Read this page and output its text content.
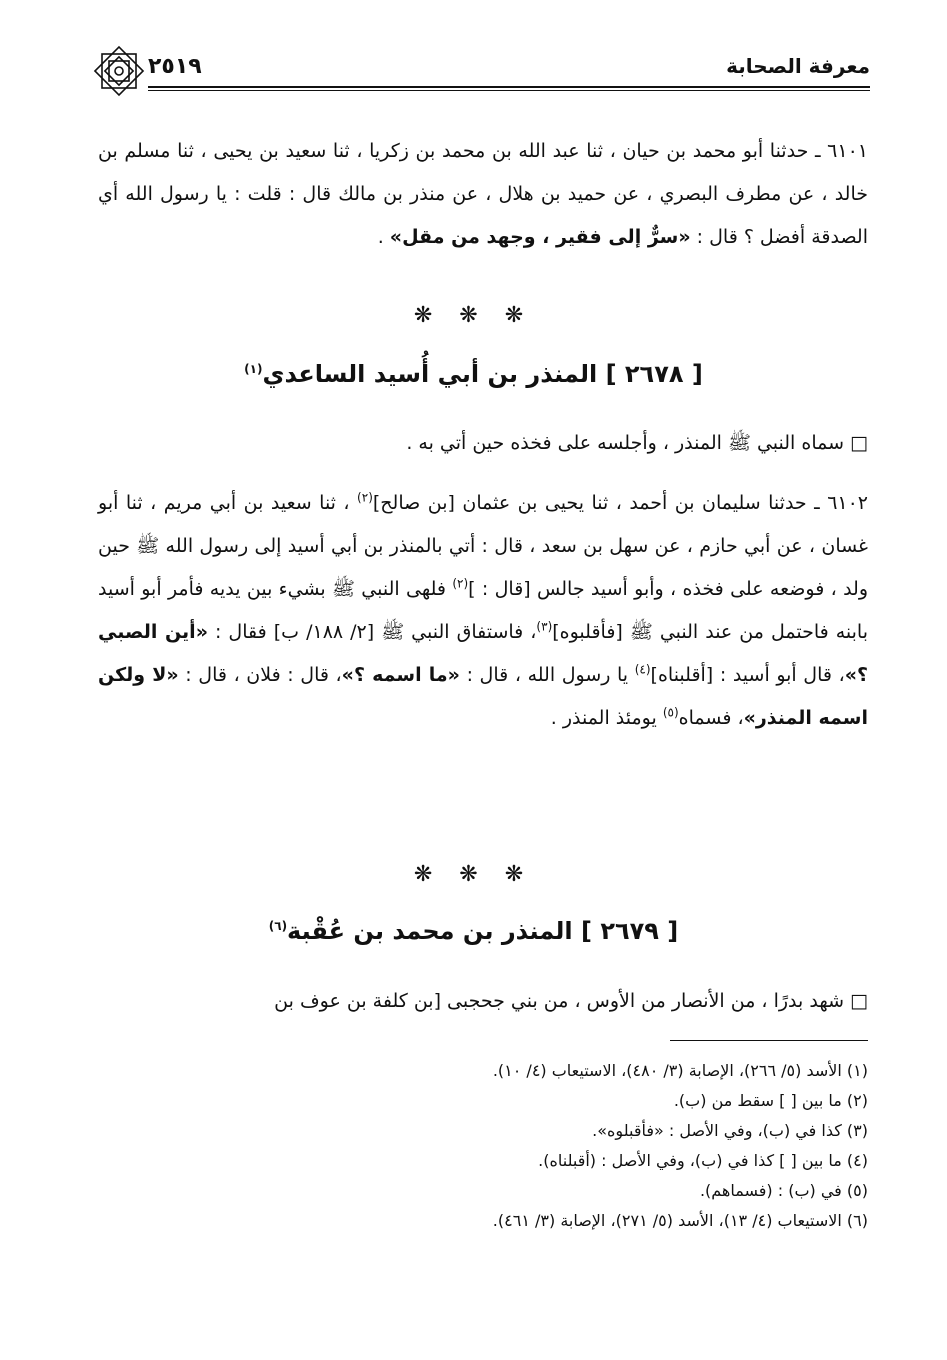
٢٥١٩	معرفة الصحابة
٦١٠١ ـ حدثنا أبو محمد بن حيان ، ثنا عبد الله بن محمد بن زكريا ، ثنا سعيد بن يحيى ، ثنا مسلم بن خالد ، عن مطرف البصري ، عن حميد بن هلال ، عن منذر بن مالك قال : قلت : يا رسول الله أي الصدقة أفضل ؟ قال : «سرٌّ إلى فقير ، وجهد من مقل» .
❋ ❋ ❋
[ ٢٦٧٨ ] المنذر بن أبي أُسيد الساعدي$^{(١)}$
□ سماه النبي ﷺ المنذر ، وأجلسه على فخذه حين أتي به .
٦١٠٢ ـ حدثنا سليمان بن أحمد ، ثنا يحيى بن عثمان [بن صالح]$^{(٢)}$ ، ثنا سعيد بن أبي مريم ، ثنا أبو غسان ، عن أبي حازم ، عن سهل بن سعد ، قال : أتي بالمنذر بن أبي أسيد إلى رسول الله ﷺ حين ولد ، فوضعه على فخذه ، وأبو أسيد جالس [قال : ]$^{(٢)}$ فلهى النبي ﷺ بشيء بين يديه فأمر أبو أسيد بابنه فاحتمل من عند النبي ﷺ [فأقلبوه]$^{(٣)}$، فاستفاق النبي ﷺ [٢/ ١٨٨/ ب] فقال : «أين الصبي ؟»، قال أبو أسيد : [أقلبناه]$^{(٤)}$ يا رسول الله ، قال : «ما اسمه ؟»، قال : فلان ، قال : «لا ولكن اسمه المنذر»، فسماه$^{(٥)}$ يومئذ المنذر .
❋ ❋ ❋
[ ٢٦٧٩ ] المنذر بن محمد بن عُقْبة$^{(٦)}$
□ شهد بدرًا ، من الأنصار من الأوس ، من بني جحجبى [بن كلفة بن عوف بن
(١) الأسد (٥/ ٢٦٦)، الإصابة (٣/ ٤٨٠)، الاستيعاب (٤/ ١٠).
(٢) ما بين [ ] سقط من (ب).
(٣) كذا في (ب)، وفي الأصل : «فأقبلوه».
(٤) ما بين [ ] كذا في (ب)، وفي الأصل : (أقبلناه).
(٥) في (ب) : (فسماهم).
(٦) الاستيعاب (٤/ ١٣)، الأسد (٥/ ٢٧١)، الإصابة (٣/ ٤٦١).
